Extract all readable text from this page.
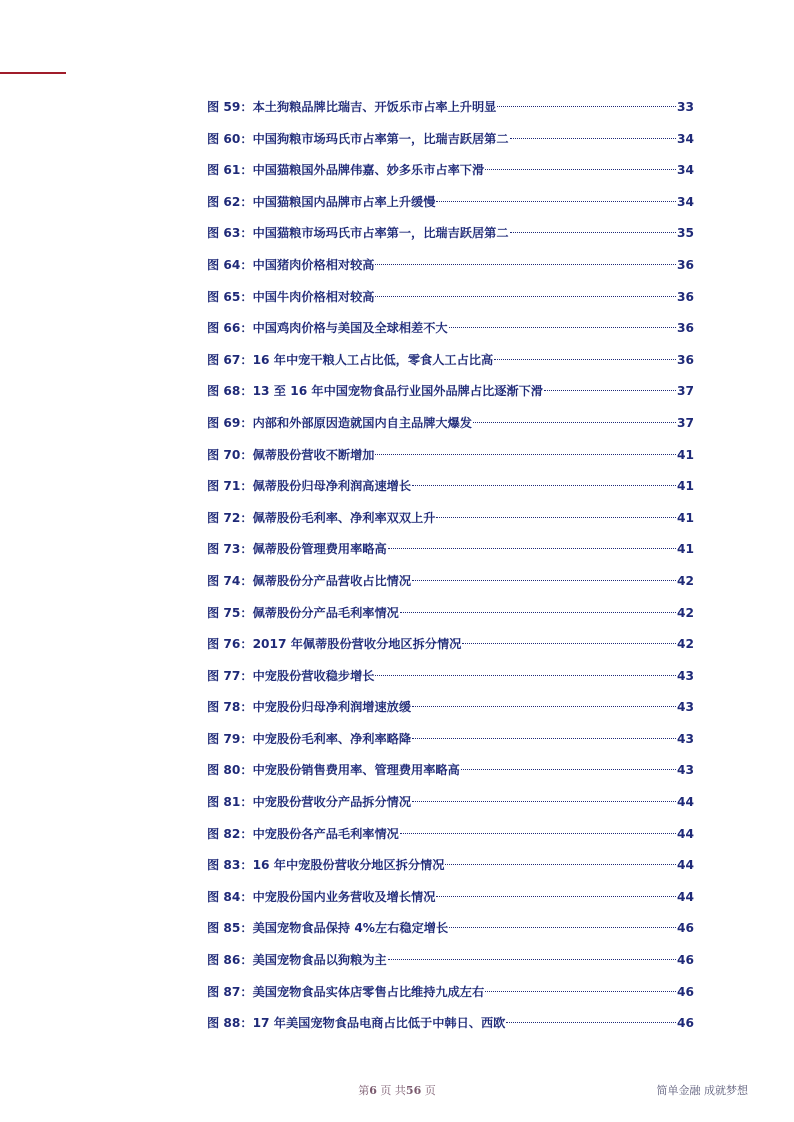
图 59：本土狗粮品牌比瑞吉、开饭乐市占率上升明显	33
图 60：中国狗粮市场玛氏市占率第一，比瑞吉跃居第二	34
图 61：中国猫粮国外品牌伟嘉、妙多乐市占率下滑	34
图 62：中国猫粮国内品牌市占率上升缓慢	34
图 63：中国猫粮市场玛氏市占率第一，比瑞吉跃居第二	35
图 64：中国猪肉价格相对较高	36
图 65：中国牛肉价格相对较高	36
图 66：中国鸡肉价格与美国及全球相差不大	36
图 67：16 年中宠干粮人工占比低，零食人工占比高	36
图 68：13 至 16 年中国宠物食品行业国外品牌占比逐渐下滑	37
图 69：内部和外部原因造就国内自主品牌大爆发	37
图 70：佩蒂股份营收不断增加	41
图 71：佩蒂股份归母净利润高速增长	41
图 72：佩蒂股份毛利率、净利率双双上升	41
图 73：佩蒂股份管理费用率略高	41
图 74：佩蒂股份分产品营收占比情况	42
图 75：佩蒂股份分产品毛利率情况	42
图 76：2017 年佩蒂股份营收分地区拆分情况	42
图 77：中宠股份营收稳步增长	43
图 78：中宠股份归母净利润增速放缓	43
图 79：中宠股份毛利率、净利率略降	43
图 80：中宠股份销售费用率、管理费用率略高	43
图 81：中宠股份营收分产品拆分情况	44
图 82：中宠股份各产品毛利率情况	44
图 83：16 年中宠股份营收分地区拆分情况	44
图 84：中宠股份国内业务营收及增长情况	44
图 85：美国宠物食品保持 4%左右稳定增长	46
图 86：美国宠物食品以狗粮为主	46
图 87：美国宠物食品实体店零售占比维持九成左右	46
图 88：17 年美国宠物食品电商占比低于中韩日、西欧	46
第6 页 共56 页	简单金融 成就梦想
